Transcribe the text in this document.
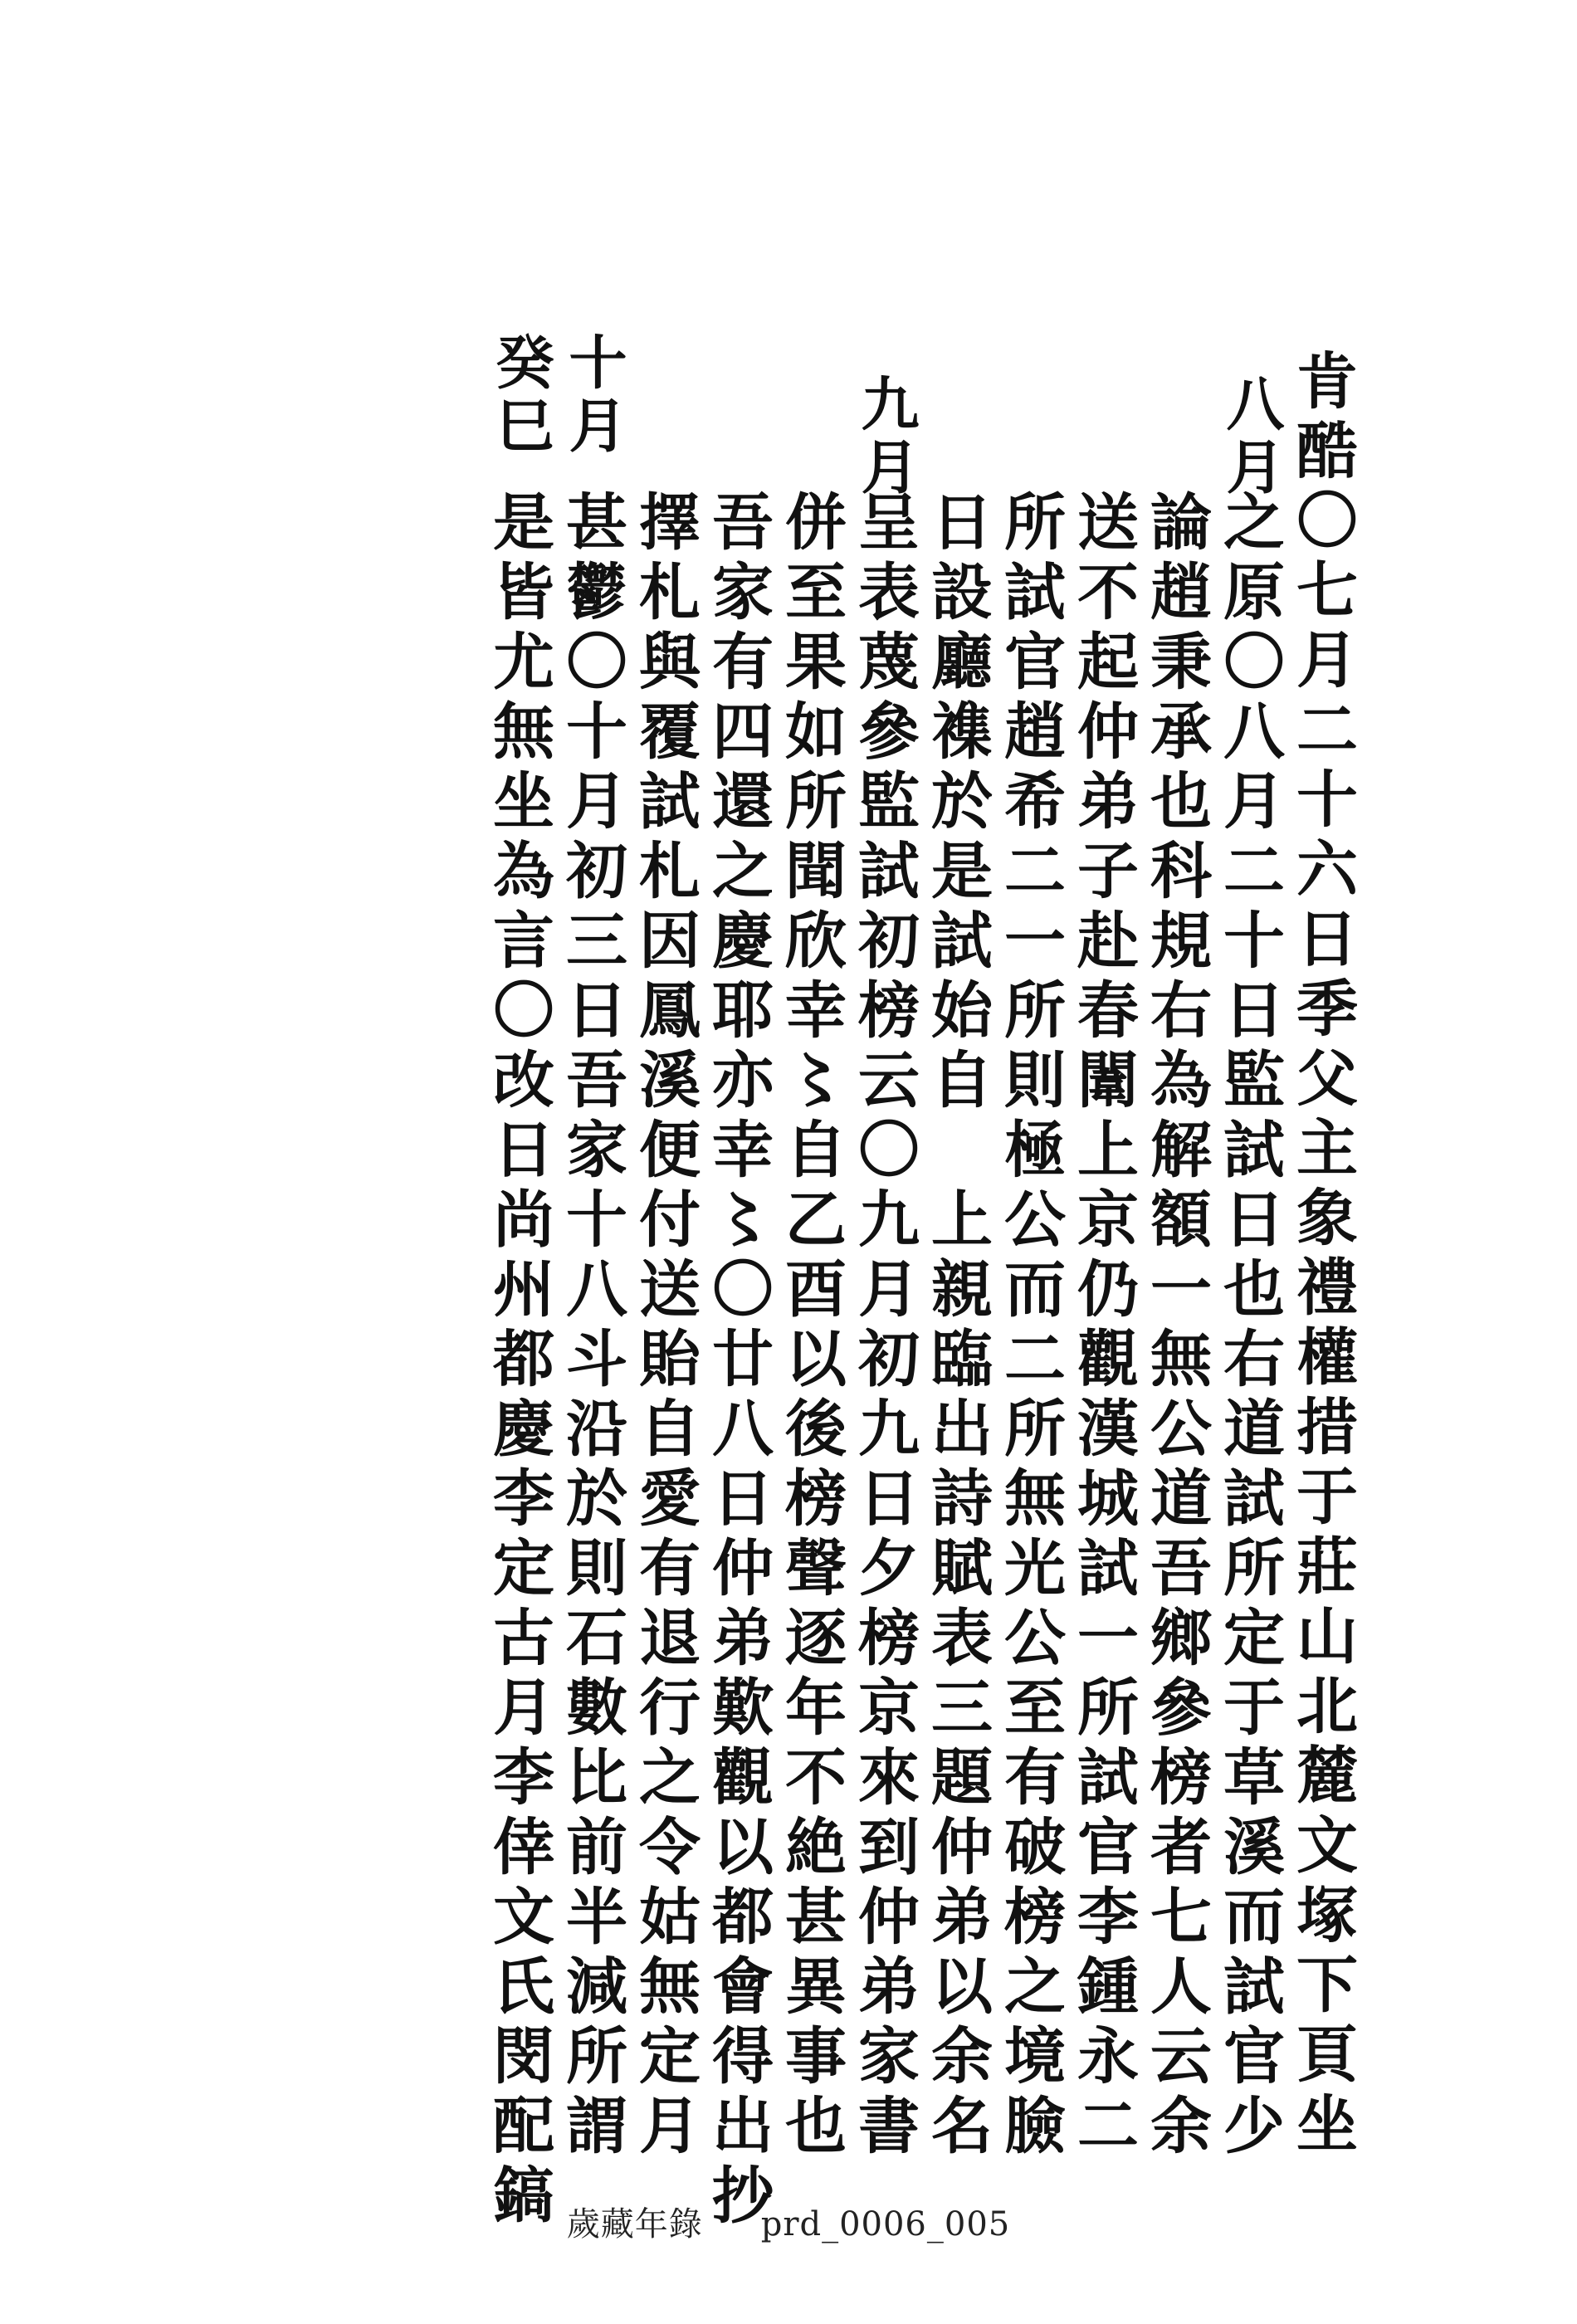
肯酷〇七月二十六日季父主象禮權措于莊山北麓文塚下頁坐
八月
之原〇八月二十日監試日也右道試所定于草溪而試官少
論趙秉承也科規右為解額一無公道吾鄉參榜者七人云余
送不起仲弟子赴春闈上京仍觀漢城試一所試官李鍾永二
所試官趙希二一所則極公而二所無光公至有破榜之境臉
日設廳襍於是試始自　上親臨出詩賦表三題仲弟以余名
九月
呈表蔑參監試初榜云〇九月初九日夕榜京來到仲弟家書
併至果如所聞欣幸〻自乙酉以後榜聲逐年不絶甚異事也
吾家有四還之慶耶亦幸〻〇廿八日仲弟歎觀以都會得出抄
擇札與覆試札因鳳溪便付送貽自愛有退行之令姑無定月
十月
甚鬱〇十月初三日吾家十八斗沿於則石數比前半減所謂
癸巳
是皆尤無坐為言〇改日尚州都慶李定古月李倖文氏閔配鎬 歲藏年錄 prd_0006_005
